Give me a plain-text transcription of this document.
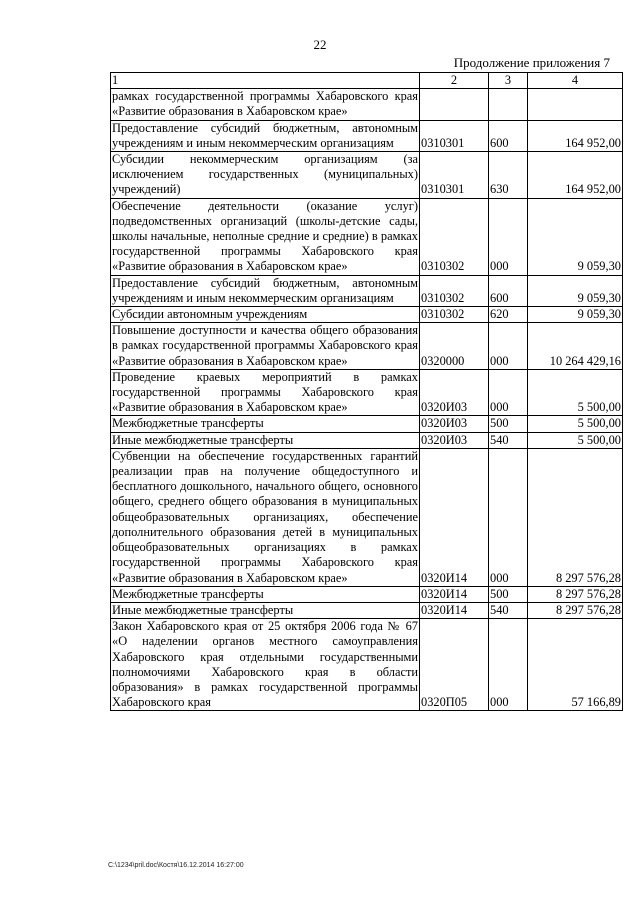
22
Продолжение приложения 7
1	2	3	4
рамках государственной программы Хабаровского края «Развитие образования в Хабаровском крае»			
Предоставление субсидий бюджетным, автономным учреждениям и иным некоммерческим организациям	0310301	600	164 952,00
Субсидии некоммерческим организациям (за исключением государственных (муниципальных) учреждений)	0310301	630	164 952,00
Обеспечение деятельности (оказание услуг) подведомственных организаций (школы-детские сады, школы начальные, неполные средние и средние) в рамках государственной программы Хабаровского края «Развитие образования в Хабаровском крае»	0310302	000	9 059,30
Предоставление субсидий бюджетным, автономным учреждениям и иным некоммерческим организациям	0310302	600	9 059,30
Субсидии автономным учреждениям	0310302	620	9 059,30
Повышение доступности и качества общего образования в рамках государственной программы Хабаровского края «Развитие образования в Хабаровском крае»	0320000	000	10 264 429,16
Проведение краевых мероприятий в рамках государственной программы Хабаровского края «Развитие образования в Хабаровском крае»	0320И03	000	5 500,00
Межбюджетные трансферты	0320И03	500	5 500,00
Иные межбюджетные трансферты	0320И03	540	5 500,00
Субвенции на обеспечение государственных гарантий реализации прав на получение общедоступного и бесплатного дошкольного, начального общего, основного общего, среднего общего образования в муниципальных общеобразовательных организациях, обеспечение дополнительного образования детей в муниципальных общеобразовательных организациях в рамках государственной программы Хабаровского края «Развитие образования в Хабаровском крае»	0320И14	000	8 297 576,28
Межбюджетные трансферты	0320И14	500	8 297 576,28
Иные межбюджетные трансферты	0320И14	540	8 297 576,28
Закон Хабаровского края от 25 октября 2006 года № 67 «О наделении органов местного самоуправления Хабаровского края отдельными государственными полномочиями Хабаровского края в области образования» в рамках государственной программы Хабаровского края	0320П05	000	57 166,89
C:\1234\pril.doc\Костя\16.12.2014 16:27:00
